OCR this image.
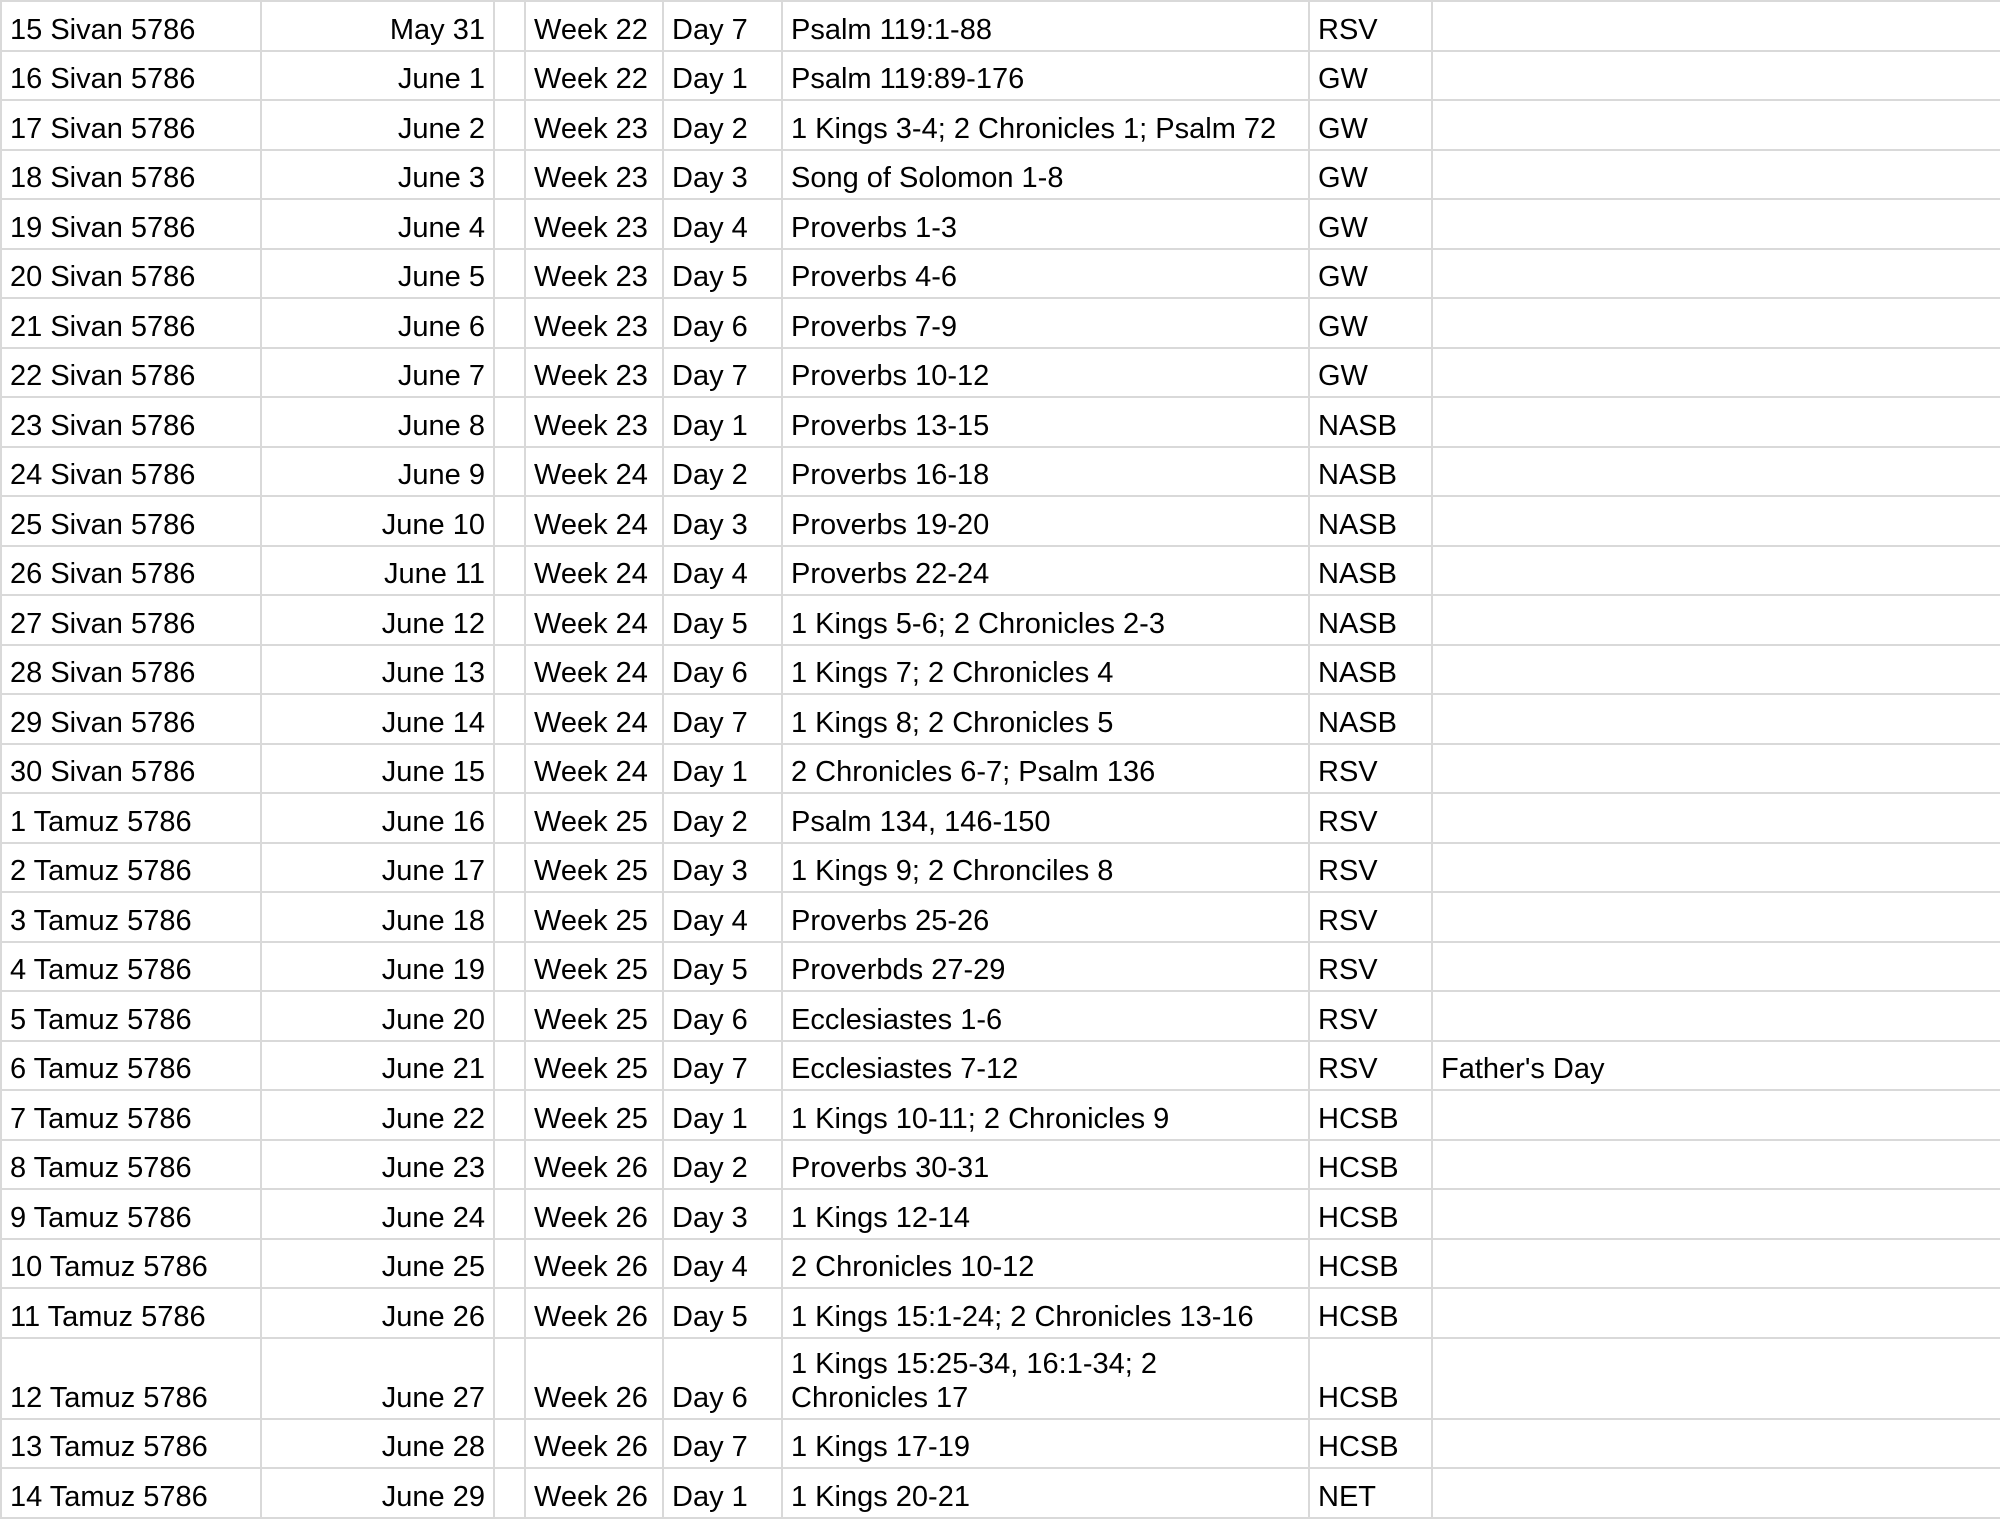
15 Sivan 5786	May 31		Week 22	Day 7	Psalm 119:1-88	RSV	
16 Sivan 5786	June 1		Week 22	Day 1	Psalm 119:89-176	GW	
17 Sivan 5786	June 2		Week 23	Day 2	1 Kings 3-4; 2 Chronicles 1; Psalm 72	GW	
18 Sivan 5786	June 3		Week 23	Day 3	Song of Solomon 1-8	GW	
19 Sivan 5786	June 4		Week 23	Day 4	Proverbs 1-3	GW	
20 Sivan 5786	June 5		Week 23	Day 5	Proverbs 4-6	GW	
21 Sivan 5786	June 6		Week 23	Day 6	Proverbs 7-9	GW	
22 Sivan 5786	June 7		Week 23	Day 7	Proverbs 10-12	GW	
23 Sivan 5786	June 8		Week 23	Day 1	Proverbs 13-15	NASB	
24 Sivan 5786	June 9		Week 24	Day 2	Proverbs 16-18	NASB	
25 Sivan 5786	June 10		Week 24	Day 3	Proverbs 19-20	NASB	
26 Sivan 5786	June 11		Week 24	Day 4	Proverbs 22-24	NASB	
27 Sivan 5786	June 12		Week 24	Day 5	1 Kings 5-6; 2 Chronicles 2-3	NASB	
28 Sivan 5786	June 13		Week 24	Day 6	1 Kings 7; 2 Chronicles 4	NASB	
29 Sivan 5786	June 14		Week 24	Day 7	1 Kings 8; 2 Chronicles 5	NASB	
30 Sivan 5786	June 15		Week 24	Day 1	2 Chronicles 6-7; Psalm 136	RSV	
1 Tamuz 5786	June 16		Week 25	Day 2	Psalm 134, 146-150	RSV	
2 Tamuz 5786	June 17		Week 25	Day 3	1 Kings 9; 2 Chronciles 8	RSV	
3 Tamuz 5786	June 18		Week 25	Day 4	Proverbs 25-26	RSV	
4 Tamuz 5786	June 19		Week 25	Day 5	Proverbds 27-29	RSV	
5 Tamuz 5786	June 20		Week 25	Day 6	Ecclesiastes 1-6	RSV	
6 Tamuz 5786	June 21		Week 25	Day 7	Ecclesiastes 7-12	RSV	Father's Day
7 Tamuz 5786	June 22		Week 25	Day 1	1 Kings 10-11; 2 Chronicles 9	HCSB	
8 Tamuz 5786	June 23		Week 26	Day 2	Proverbs 30-31	HCSB	
9 Tamuz 5786	June 24		Week 26	Day 3	1 Kings 12-14	HCSB	
10 Tamuz 5786	June 25		Week 26	Day 4	2 Chronicles 10-12	HCSB	
11 Tamuz 5786	June 26		Week 26	Day 5	1 Kings 15:1-24; 2 Chronicles 13-16	HCSB	
12 Tamuz 5786	June 27		Week 26	Day 6	1 Kings 15:25-34, 16:1-34; 2 Chronicles 17	HCSB	
13 Tamuz 5786	June 28		Week 26	Day 7	1 Kings 17-19	HCSB	
14 Tamuz 5786	June 29		Week 26	Day 1	1 Kings 20-21	NET	
